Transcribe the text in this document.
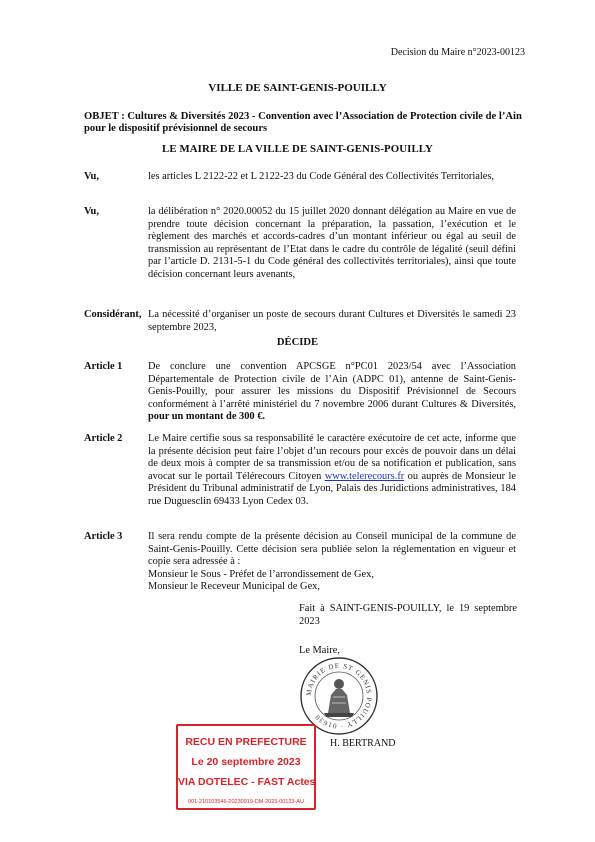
Decision du Maire n°2023-00123
VILLE DE SAINT-GENIS-POUILLY
OBJET : Cultures & Diversités 2023 - Convention avec l’Association de Protection civile de l’Ain pour le dispositif prévisionnel de secours
LE MAIRE DE LA VILLE DE SAINT-GENIS-POUILLY
Vu,	les articles L 2122-22 et L 2122-23 du Code Général des Collectivités Territoriales,
Vu,	la délibération n° 2020.00052 du 15 juillet 2020 donnant délégation au Maire en vue de prendre toute décision concernant la préparation, la passation, l’exécution et le règlement des marchés et accords-cadres d’un montant inférieur ou égal au seuil de transmission au représentant de l’Etat dans le cadre du contrôle de légalité (seuil défini par l’article D. 2131-5-1 du Code général des collectivités territoriales), ainsi que toute décision concernant leurs avenants,
Considérant, La nécessité d’organiser un poste de secours durant Cultures et Diversités le samedi 23 septembre 2023,
DÉCIDE
Article 1 De conclure une convention APCSGE n°PC01 2023/54 avec l’Association Départementale de Protection civile de l’Ain (ADPC 01), antenne de Saint-Genis-Genis-Pouilly, pour assurer les missions du Dispositif Prévisionnel de Secours conformément à l’arrêté ministériel du 7 novembre 2006 durant Cultures & Diversités, pour un montant de 300 €.
Article 2 Le Maire certifie sous sa responsabilité le caractère exécutoire de cet acte, informe que la présente décision peut faire l’objet d’un recours pour excès de pouvoir dans un délai de deux mois à compter de sa transmission et/ou de sa notification et publication, sans avocat sur le portail Télérecours Citoyen www.telerecours.fr ou auprès de Monsieur le Président du Tribunal administratif de Lyon, Palais des Juridictions administratives, 184 rue Duguesclin 69433 Lyon Cedex 03.
Article 3 Il sera rendu compte de la présente décision au Conseil municipal de la commune de Saint-Genis-Pouilly. Cette décision sera publiée selon la réglementation en vigueur et copie sera adressée à :
Monsieur le Sous - Préfet de l’arrondissement de Gex,
Monsieur le Receveur Municipal de Gex,
Fait à SAINT-GENIS-POUILLY, le 19 septembre 2023
Le Maire,
MAIRIE DE ST GENIS POUILLY · 01630
H. BERTRAND
RECU EN PREFECTURE
Le 20 septembre 2023
VIA DOTELEC - FAST Actes
001-210103546-20230919-DM-2023-00123-AU
